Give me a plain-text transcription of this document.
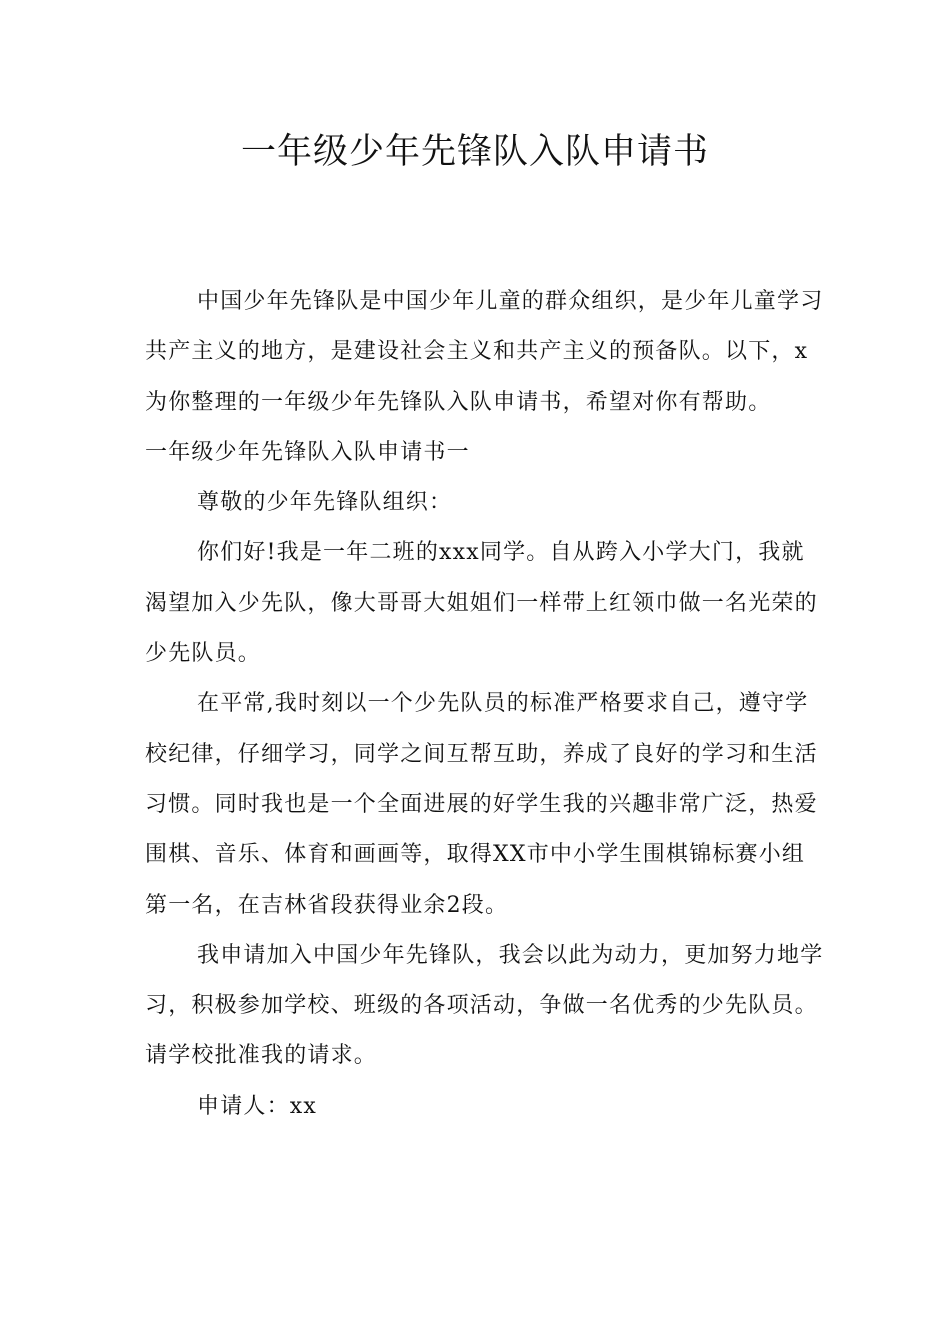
一年级少年先锋队入队申请书

中国少年先锋队是中国少年儿童的群众组织，是少年儿童学习共产主义的地方，是建设社会主义和共产主义的预备队。以下，x为你整理的一年级少年先锋队入队申请书，希望对你有帮助。

一年级少年先锋队入队申请书一

尊敬的少年先锋队组织：

你们好!我是一年二班的xxx同学。自从跨入小学大门，我就渴望加入少先队，像大哥哥大姐姐们一样带上红领巾做一名光荣的少先队员。

在平常,我时刻以一个少先队员的标准严格要求自己，遵守学校纪律，仔细学习，同学之间互帮互助，养成了良好的学习和生活习惯。同时我也是一个全面进展的好学生我的兴趣非常广泛，热爱围棋、音乐、体育和画画等，取得XX市中小学生围棋锦标赛小组第一名，在吉林省段获得业余2段。

我申请加入中国少年先锋队，我会以此为动力，更加努力地学习，积极参加学校、班级的各项活动，争做一名优秀的少先队员。请学校批准我的请求。

申请人：xx
